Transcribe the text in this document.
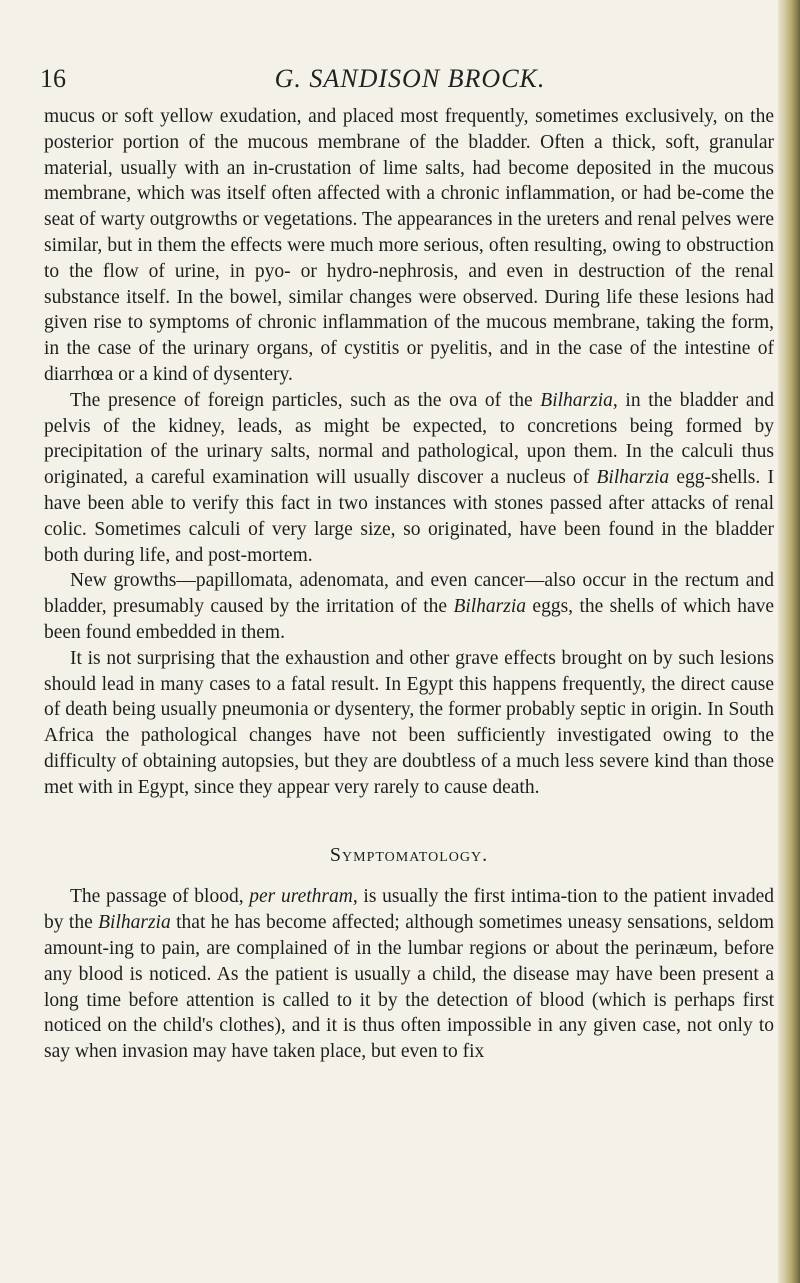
16	G. SANDISON BROCK.

mucus or soft yellow exudation, and placed most frequently, sometimes exclusively, on the posterior portion of the mucous membrane of the bladder. Often a thick, soft, granular material, usually with an in-crustation of lime salts, had become deposited in the mucous membrane, which was itself often affected with a chronic inflammation, or had be-come the seat of warty outgrowths or vegetations. The appearances in the ureters and renal pelves were similar, but in them the effects were much more serious, often resulting, owing to obstruction to the flow of urine, in pyo- or hydro-nephrosis, and even in destruction of the renal substance itself. In the bowel, similar changes were observed. During life these lesions had given rise to symptoms of chronic inflammation of the mucous membrane, taking the form, in the case of the urinary organs, of cystitis or pyelitis, and in the case of the intestine of diarrhœa or a kind of dysentery.

The presence of foreign particles, such as the ova of the Bilharzia, in the bladder and pelvis of the kidney, leads, as might be expected, to concretions being formed by precipitation of the urinary salts, normal and pathological, upon them. In the calculi thus originated, a careful examination will usually discover a nucleus of Bilharzia egg-shells. I have been able to verify this fact in two instances with stones passed after attacks of renal colic. Sometimes calculi of very large size, so originated, have been found in the bladder both during life, and post-mortem.

New growths—papillomata, adenomata, and even cancer—also occur in the rectum and bladder, presumably caused by the irritation of the Bilharzia eggs, the shells of which have been found embedded in them.

It is not surprising that the exhaustion and other grave effects brought on by such lesions should lead in many cases to a fatal result. In Egypt this happens frequently, the direct cause of death being usually pneumonia or dysentery, the former probably septic in origin. In South Africa the pathological changes have not been sufficiently investigated owing to the difficulty of obtaining autopsies, but they are doubtless of a much less severe kind than those met with in Egypt, since they appear very rarely to cause death.

Symptomatology.

The passage of blood, per urethram, is usually the first intima-tion to the patient invaded by the Bilharzia that he has become affected; although sometimes uneasy sensations, seldom amount-ing to pain, are complained of in the lumbar regions or about the perinæum, before any blood is noticed. As the patient is usually a child, the disease may have been present a long time before attention is called to it by the detection of blood (which is perhaps first noticed on the child's clothes), and it is thus often impossible in any given case, not only to say when invasion may have taken place, but even to fix
